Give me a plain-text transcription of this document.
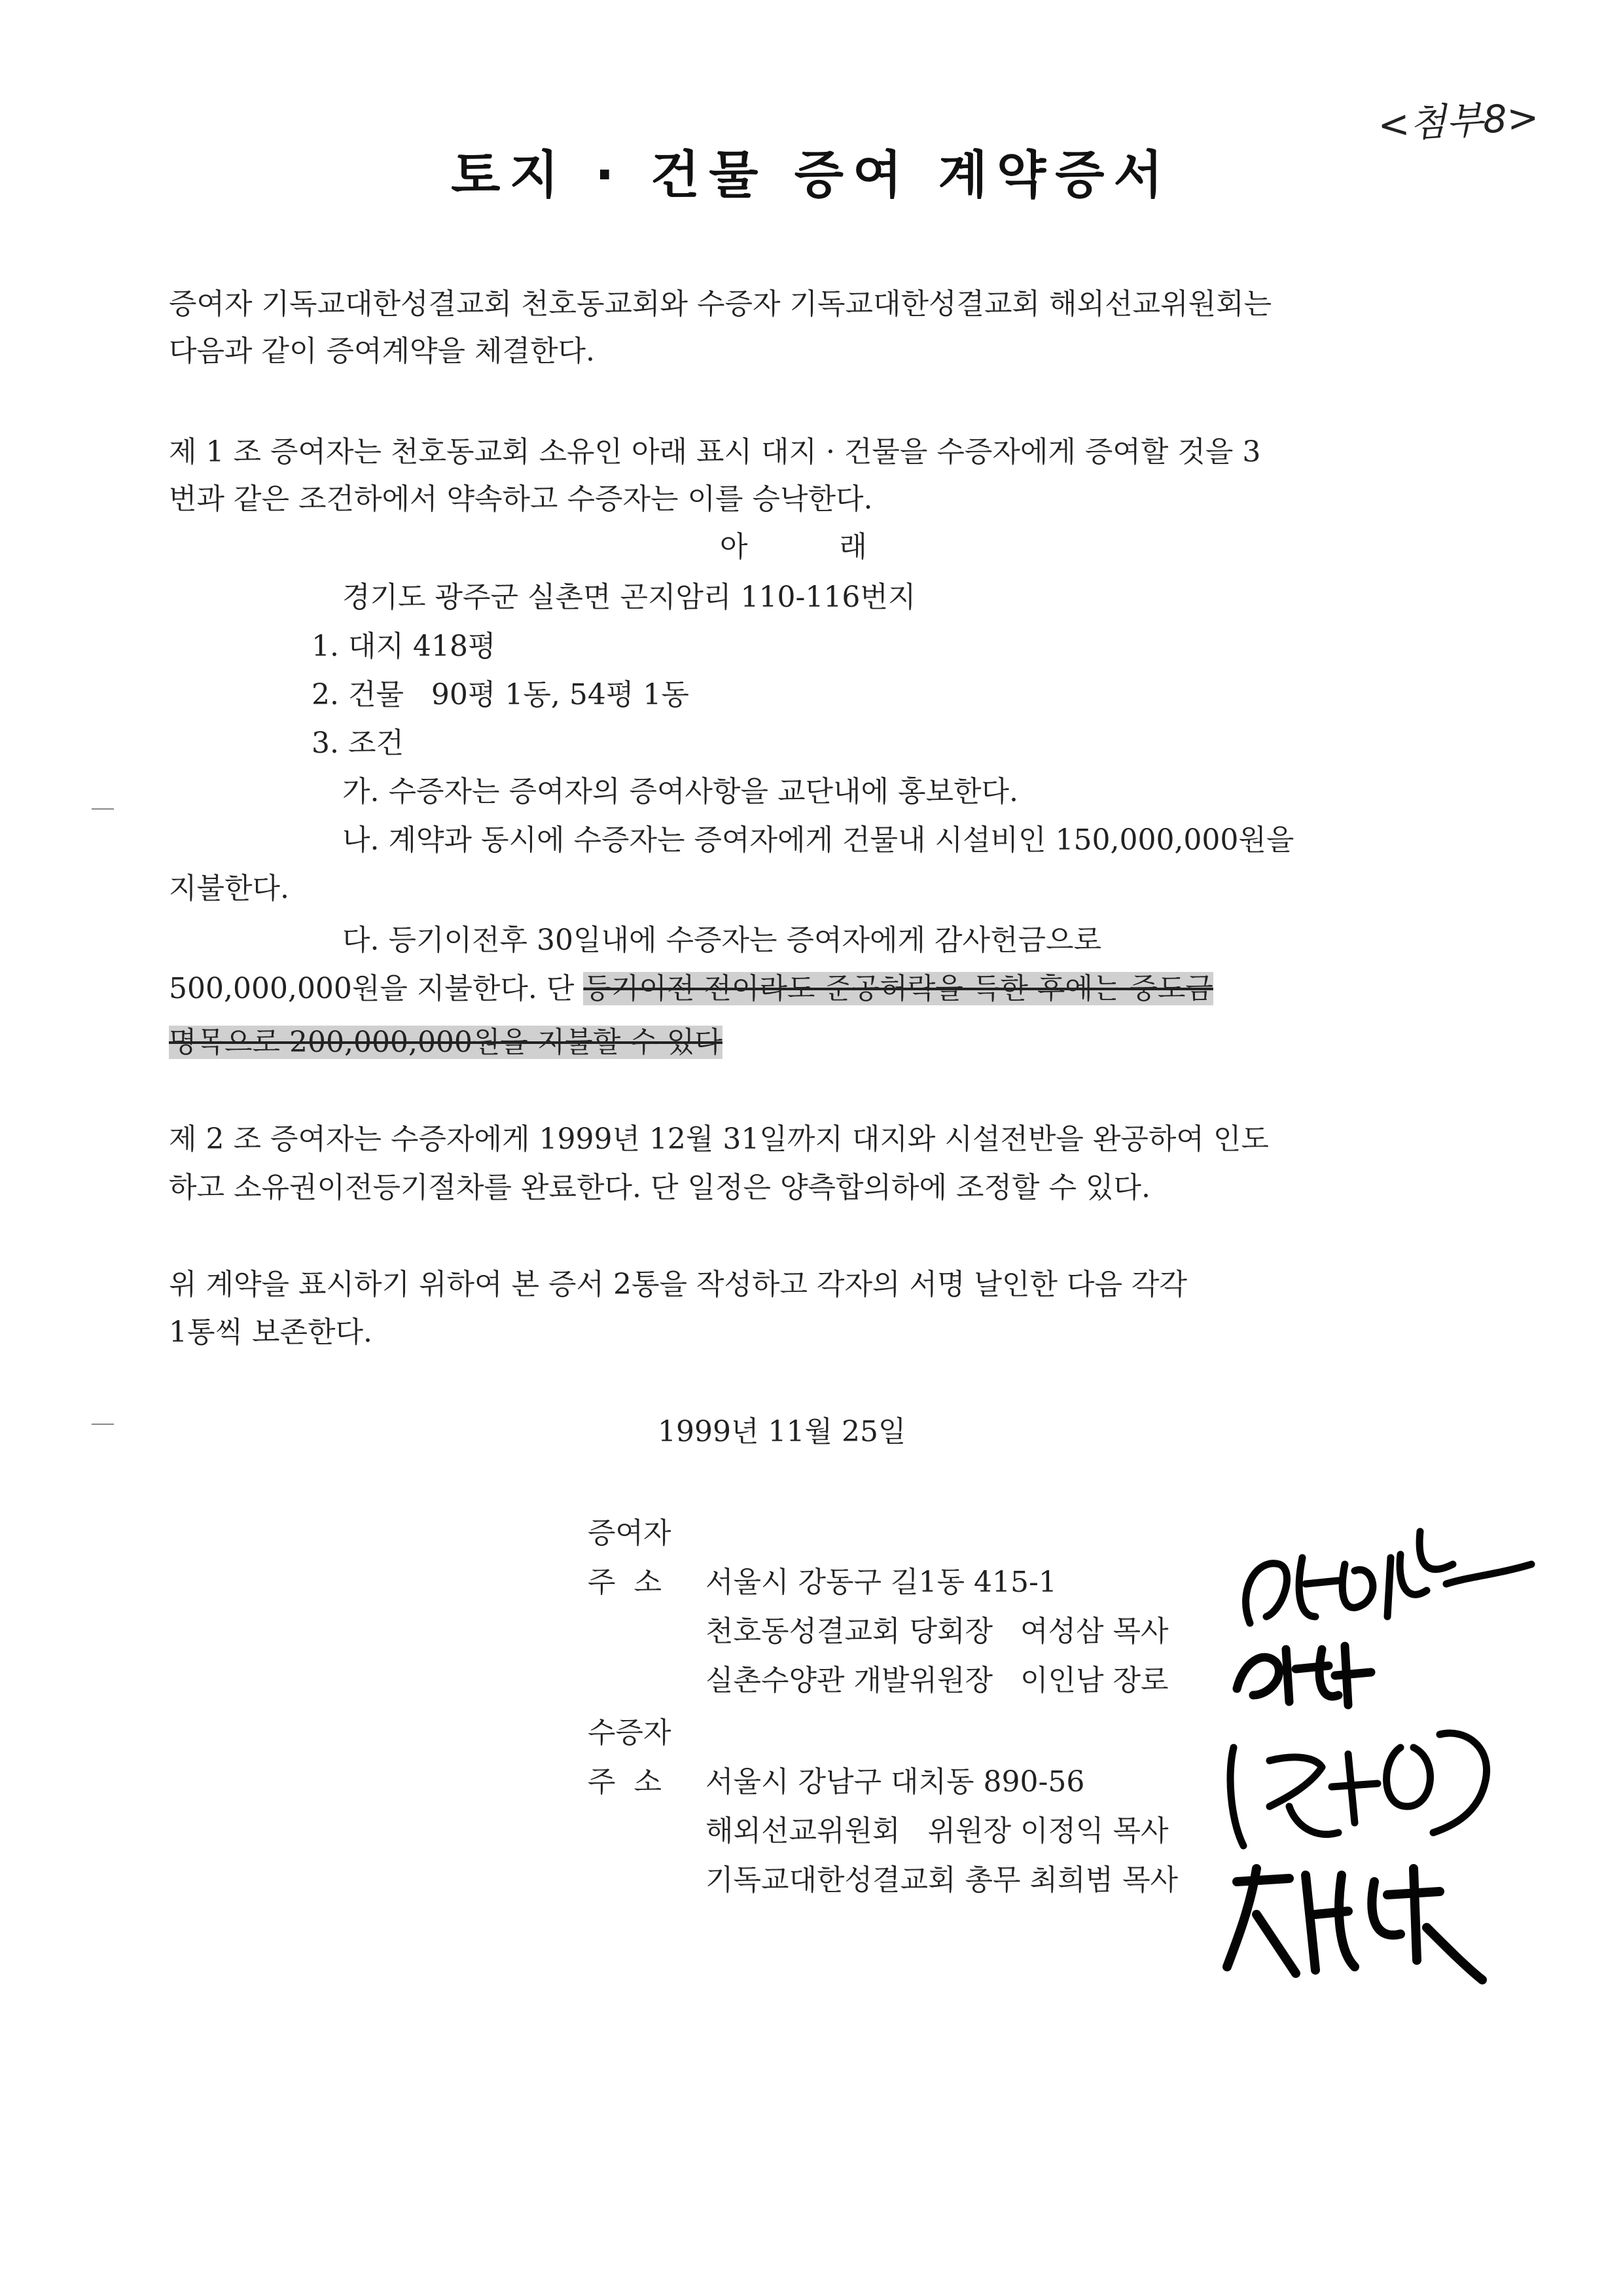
<첨부8>
토지 · 건물 증여 계약증서
증여자 기독교대한성결교회 천호동교회와 수증자 기독교대한성결교회 해외선교위원회는
다음과 같이 증여계약을 체결한다.
제 1 조 증여자는 천호동교회 소유인 아래 표시 대지 · 건물을 수증자에게 증여할 것을 3
번과 같은 조건하에서 약속하고 수증자는 이를 승낙한다.
아          래
경기도 광주군 실촌면 곤지암리 110-116번지
1. 대지 418평
2. 건물   90평 1동, 54평 1동
3. 조건
가. 수증자는 증여자의 증여사항을 교단내에 홍보한다.
나. 계약과 동시에 수증자는 증여자에게 건물내 시설비인 150,000,000원을
지불한다.
다. 등기이전후 30일내에 수증자는 증여자에게 감사헌금으로
500,000,000원을 지불한다. 단 등기이전 전이라도 준공허락을 득한 후에는 중도금
명목으로 200,000,000원을 지불할 수 있다
제 2 조 증여자는 수증자에게 1999년 12월 31일까지 대지와 시설전반을 완공하여 인도
하고 소유권이전등기절차를 완료한다. 단 일정은 양측합의하에 조정할 수 있다.
위 계약을 표시하기 위하여 본 증서 2통을 작성하고 각자의 서명 날인한 다음 각각
1통씩 보존한다.
1999년 11월 25일
증여자
주  소 서울시 강동구 길1동 415-1
천호동성결교회 당회장   여성삼 목사
실촌수양관 개발위원장   이인남 장로
수증자
주  소 서울시 강남구 대치동 890-56
해외선교위원회   위원장 이정익 목사
기독교대한성결교회 총무 최희범 목사
